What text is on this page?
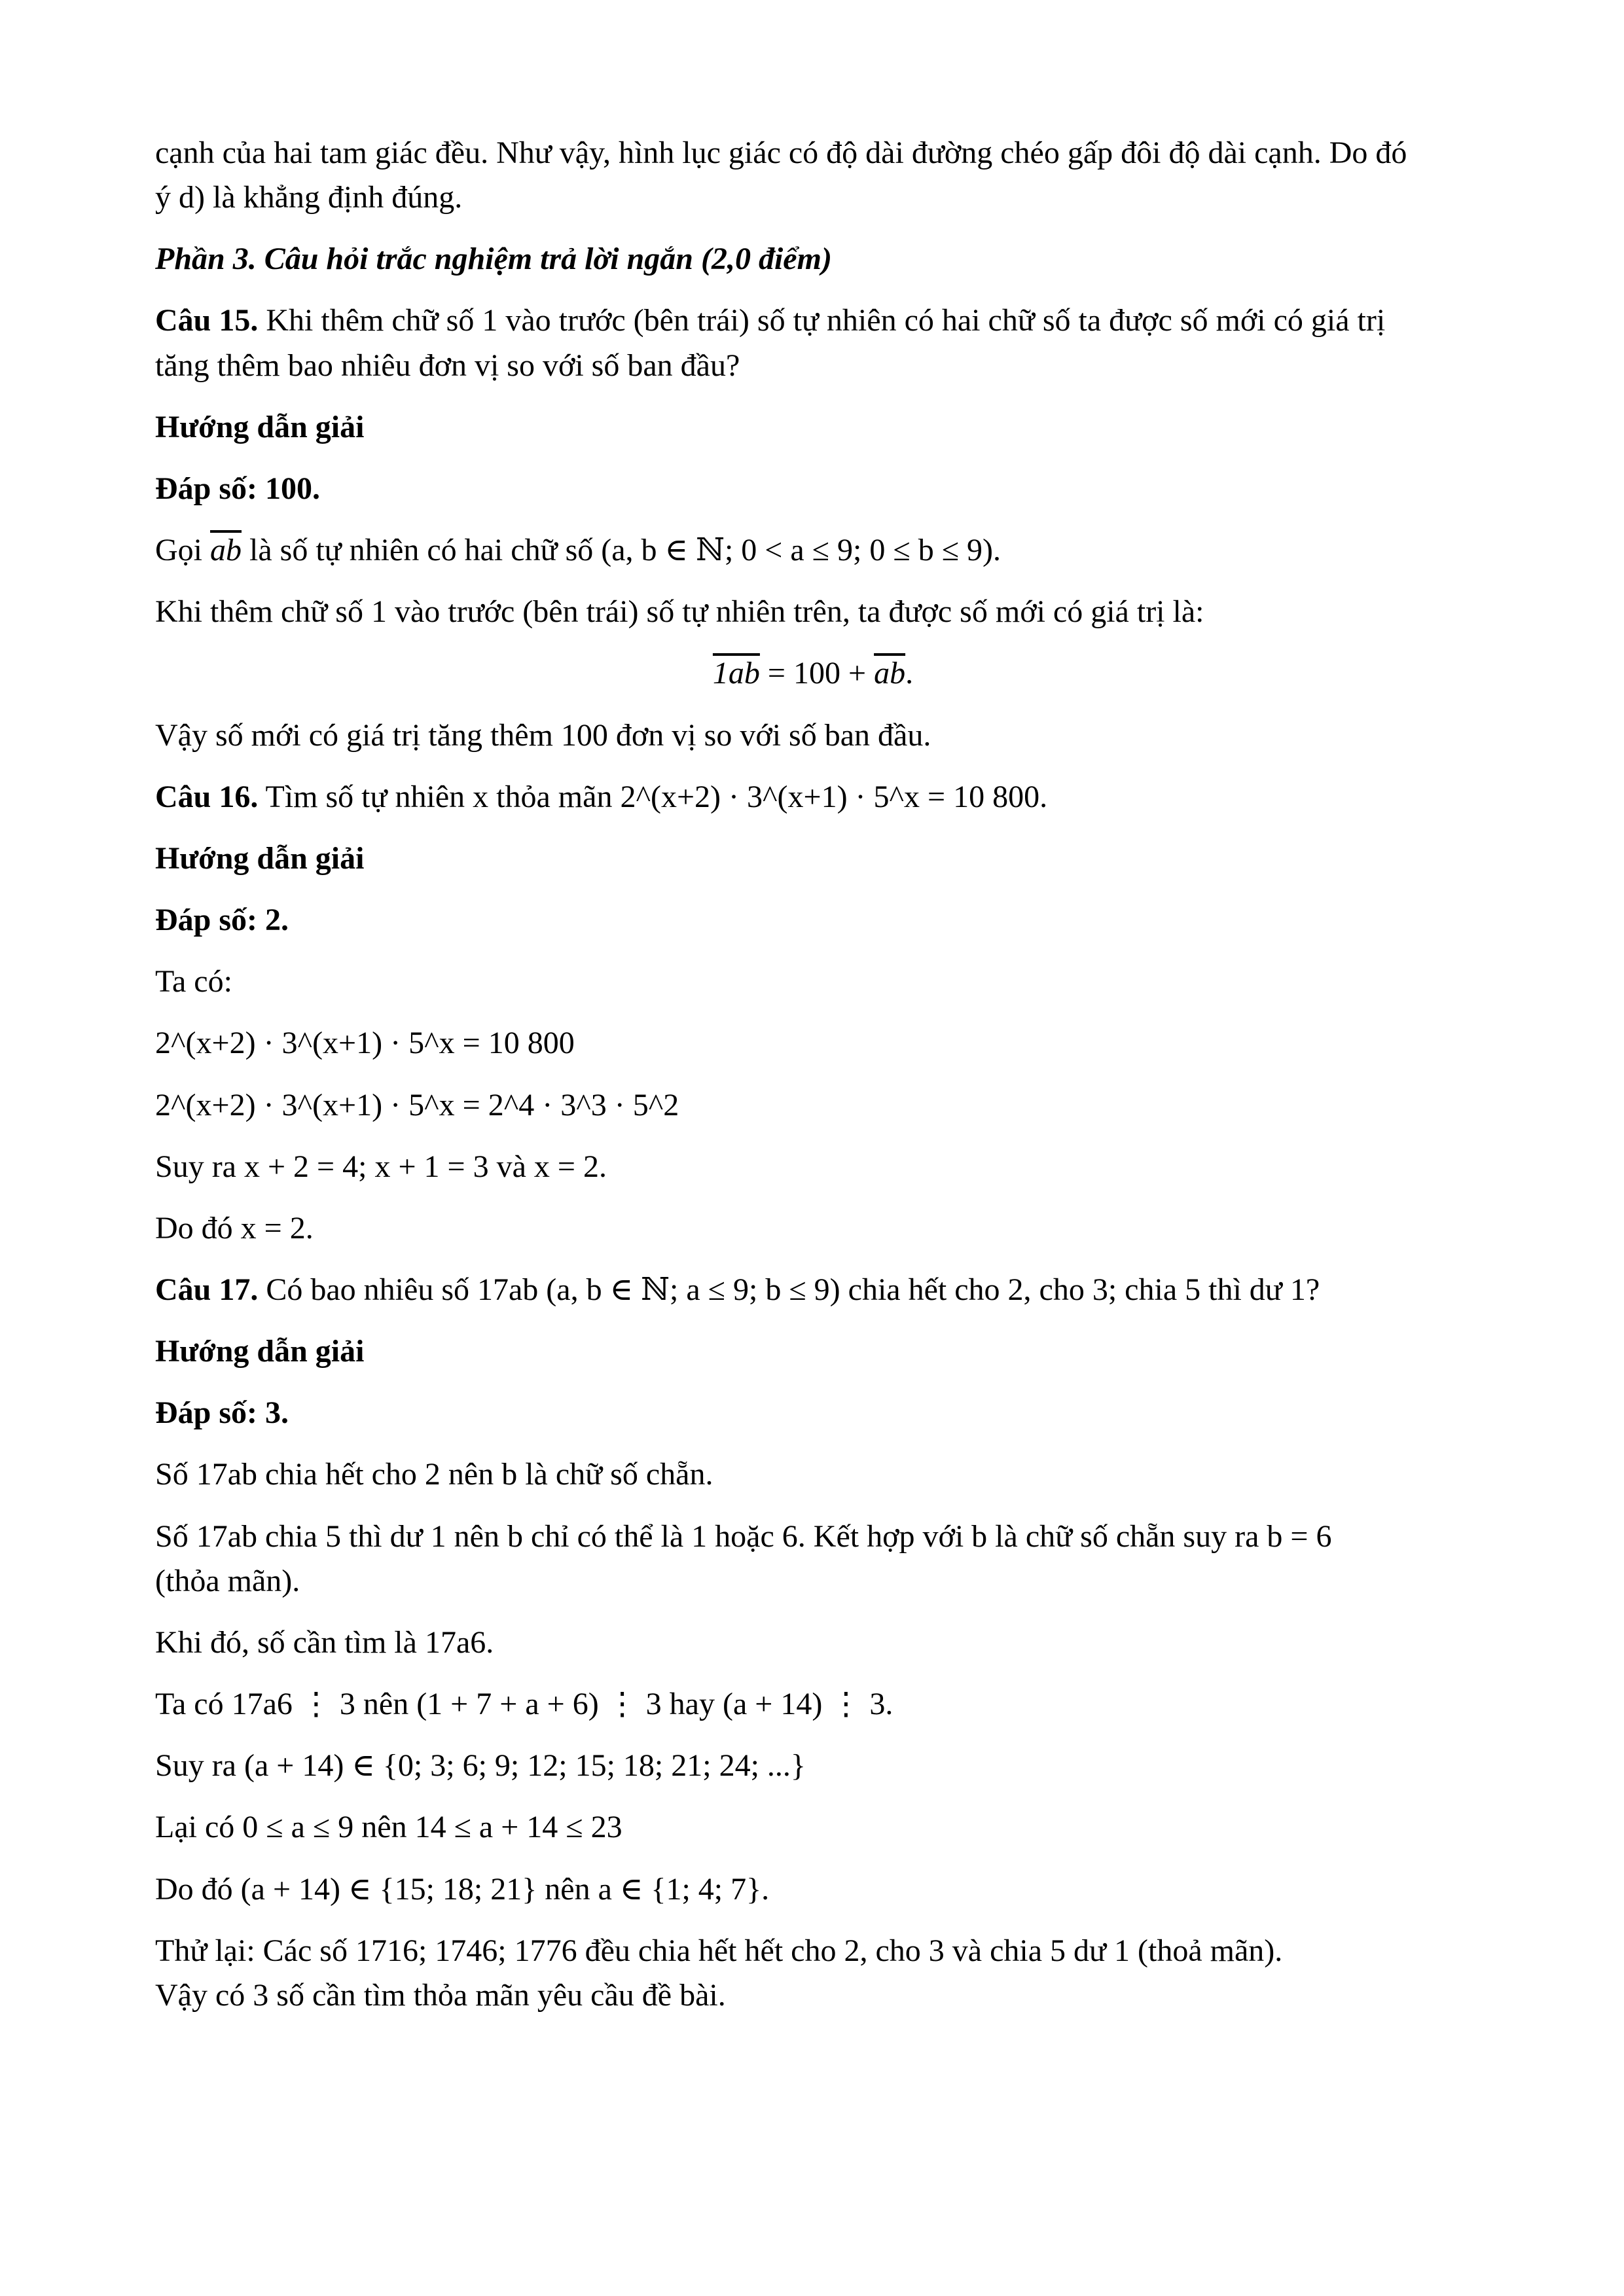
cạnh của hai tam giác đều. Như vậy, hình lục giác có độ dài đường chéo gấp đôi độ dài cạnh. Do đó

ý d) là khẳng định đúng.

Phần 3. Câu hỏi trắc nghiệm trả lời ngắn (2,0 điểm)

Câu 15. Khi thêm chữ số 1 vào trước (bên trái) số tự nhiên có hai chữ số ta được số mới có giá trị

tăng thêm bao nhiêu đơn vị so với số ban đầu?

Hướng dẫn giải

Đáp số: 100.

Gọi $\overline{ab}$ là số tự nhiên có hai chữ số (a, b ∈ ℕ; 0 < a ≤ 9; 0 ≤ b ≤ 9).

Khi thêm chữ số 1 vào trước (bên trái) số tự nhiên trên, ta được số mới có giá trị là:

$1ab = 100 + \overline{ab}$.

Vậy số mới có giá trị tăng thêm 100 đơn vị so với số ban đầu.

Câu 16. Tìm số tự nhiên x thỏa mãn 2^(x+2) · 3^(x+1) · 5^x = 10 800.

Hướng dẫn giải

Đáp số: 2.

Ta có:

2^(x+2) · 3^(x+1) · 5^x = 10 800

2^(x+2) · 3^(x+1) · 5^x = 2^4 · 3^3 · 5^2

Suy ra x + 2 = 4; x + 1 = 3 và x = 2.

Do đó x = 2.

Câu 17. Có bao nhiêu số 17ab (a, b ∈ ℕ; a ≤ 9; b ≤ 9) chia hết cho 2, cho 3; chia 5 thì dư 1?

Hướng dẫn giải

Đáp số: 3.

Số 17ab chia hết cho 2 nên b là chữ số chẵn.

Số 17ab chia 5 thì dư 1 nên b chỉ có thể là 1 hoặc 6. Kết hợp với b là chữ số chẵn suy ra b = 6

(thỏa mãn).

Khi đó, số cần tìm là 17a6.

Ta có 17a6 ⋮ 3 nên (1 + 7 + a + 6) ⋮ 3 hay (a + 14) ⋮ 3.

Suy ra (a + 14) ∈ {0; 3; 6; 9; 12; 15; 18; 21; 24; ...}

Lại có 0 ≤ a ≤ 9 nên 14 ≤ a + 14 ≤ 23

Do đó (a + 14) ∈ {15; 18; 21} nên a ∈ {1; 4; 7}.

Thử lại: Các số 1716; 1746; 1776 đều chia hết hết cho 2, cho 3 và chia 5 dư 1 (thoả mãn).

Vậy có 3 số cần tìm thỏa mãn yêu cầu đề bài.
